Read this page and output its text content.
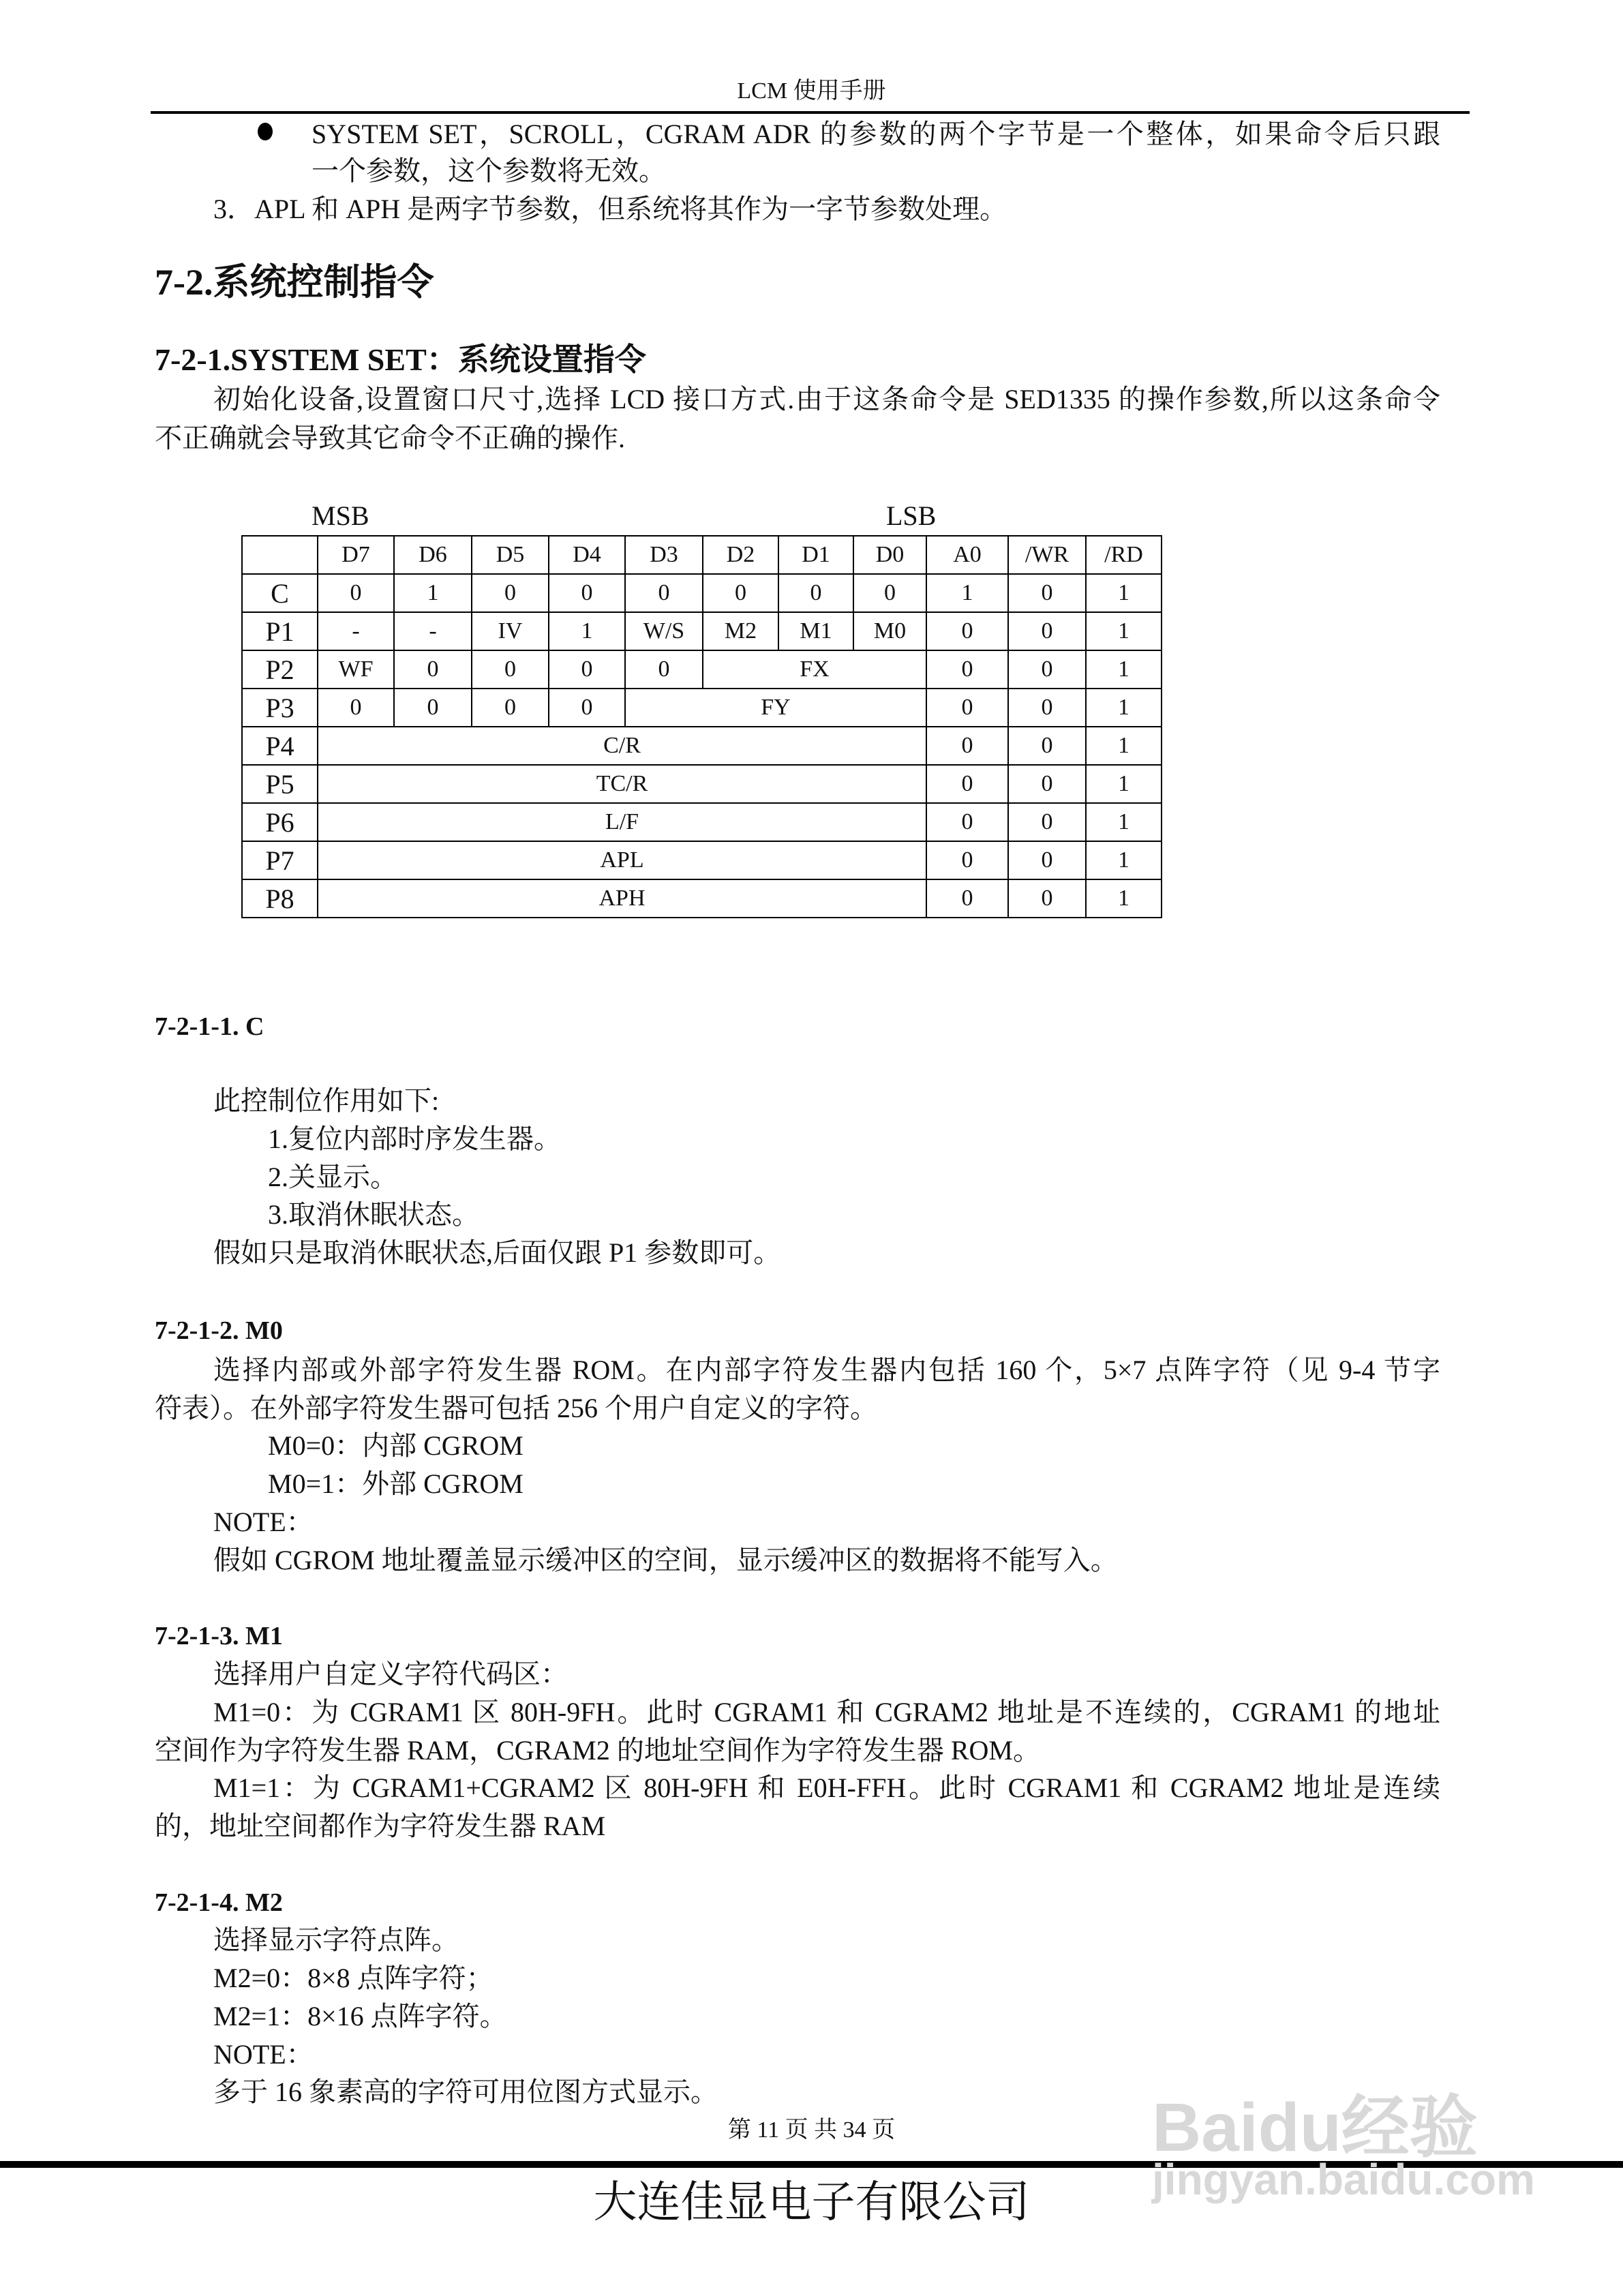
LCM 使用手册
SYSTEM SET，SCROLL，CGRAM ADR 的参数的两个字节是一个整体，如果命令后只跟
一个参数，这个参数将无效。
3．APL 和 APH 是两字节参数，但系统将其作为一字节参数处理。
7-2.系统控制指令
7-2-1.SYSTEM SET：系统设置指令
初始化设备,设置窗口尺寸,选择 LCD 接口方式.由于这条命令是 SED1335 的操作参数,所以这条命令
不正确就会导致其它命令不正确的操作.
MSB	LSB
	D7	D6	D5	D4	D3	D2	D1	D0	A0	/WR	/RD
C	0	1	0	0	0	0	0	0	1	0	1
P1	-	-	IV	1	W/S	M2	M1	M0	0	0	1
P2	WF	0	0	0	0	FX			0	0	1
P3	0	0	0	0	FY				0	0	1
P4	C/R								0	0	1
P5	TC/R								0	0	1
P6	L/F								0	0	1
P7	APL								0	0	1
P8	APH								0	0	1
7-2-1-1. C
此控制位作用如下:
1.复位内部时序发生器。
2.关显示。
3.取消休眠状态。
假如只是取消休眠状态,后面仅跟 P1 参数即可。
7-2-1-2. M0
选择内部或外部字符发生器 ROM。在内部字符发生器内包括 160 个，5×7 点阵字符（见 9-4 节字
符表）。在外部字符发生器可包括 256 个用户自定义的字符。
M0=0：内部 CGROM
M0=1：外部 CGROM
NOTE：
假如 CGROM 地址覆盖显示缓冲区的空间，显示缓冲区的数据将不能写入。
7-2-1-3. M1
选择用户自定义字符代码区：
M1=0：为 CGRAM1 区 80H-9FH。此时 CGRAM1 和 CGRAM2 地址是不连续的，CGRAM1 的地址
空间作为字符发生器 RAM，CGRAM2 的地址空间作为字符发生器 ROM。
M1=1：为 CGRAM1+CGRAM2 区 80H-9FH 和 E0H-FFH。此时 CGRAM1 和 CGRAM2 地址是连续
的，地址空间都作为字符发生器 RAM
7-2-1-4. M2
选择显示字符点阵。
M2=0：8×8 点阵字符；
M2=1：8×16 点阵字符。
NOTE：
多于 16 象素高的字符可用位图方式显示。
第 11 页 共 34 页
大连佳显电子有限公司
Baidu经验
jingyan.baidu.com
